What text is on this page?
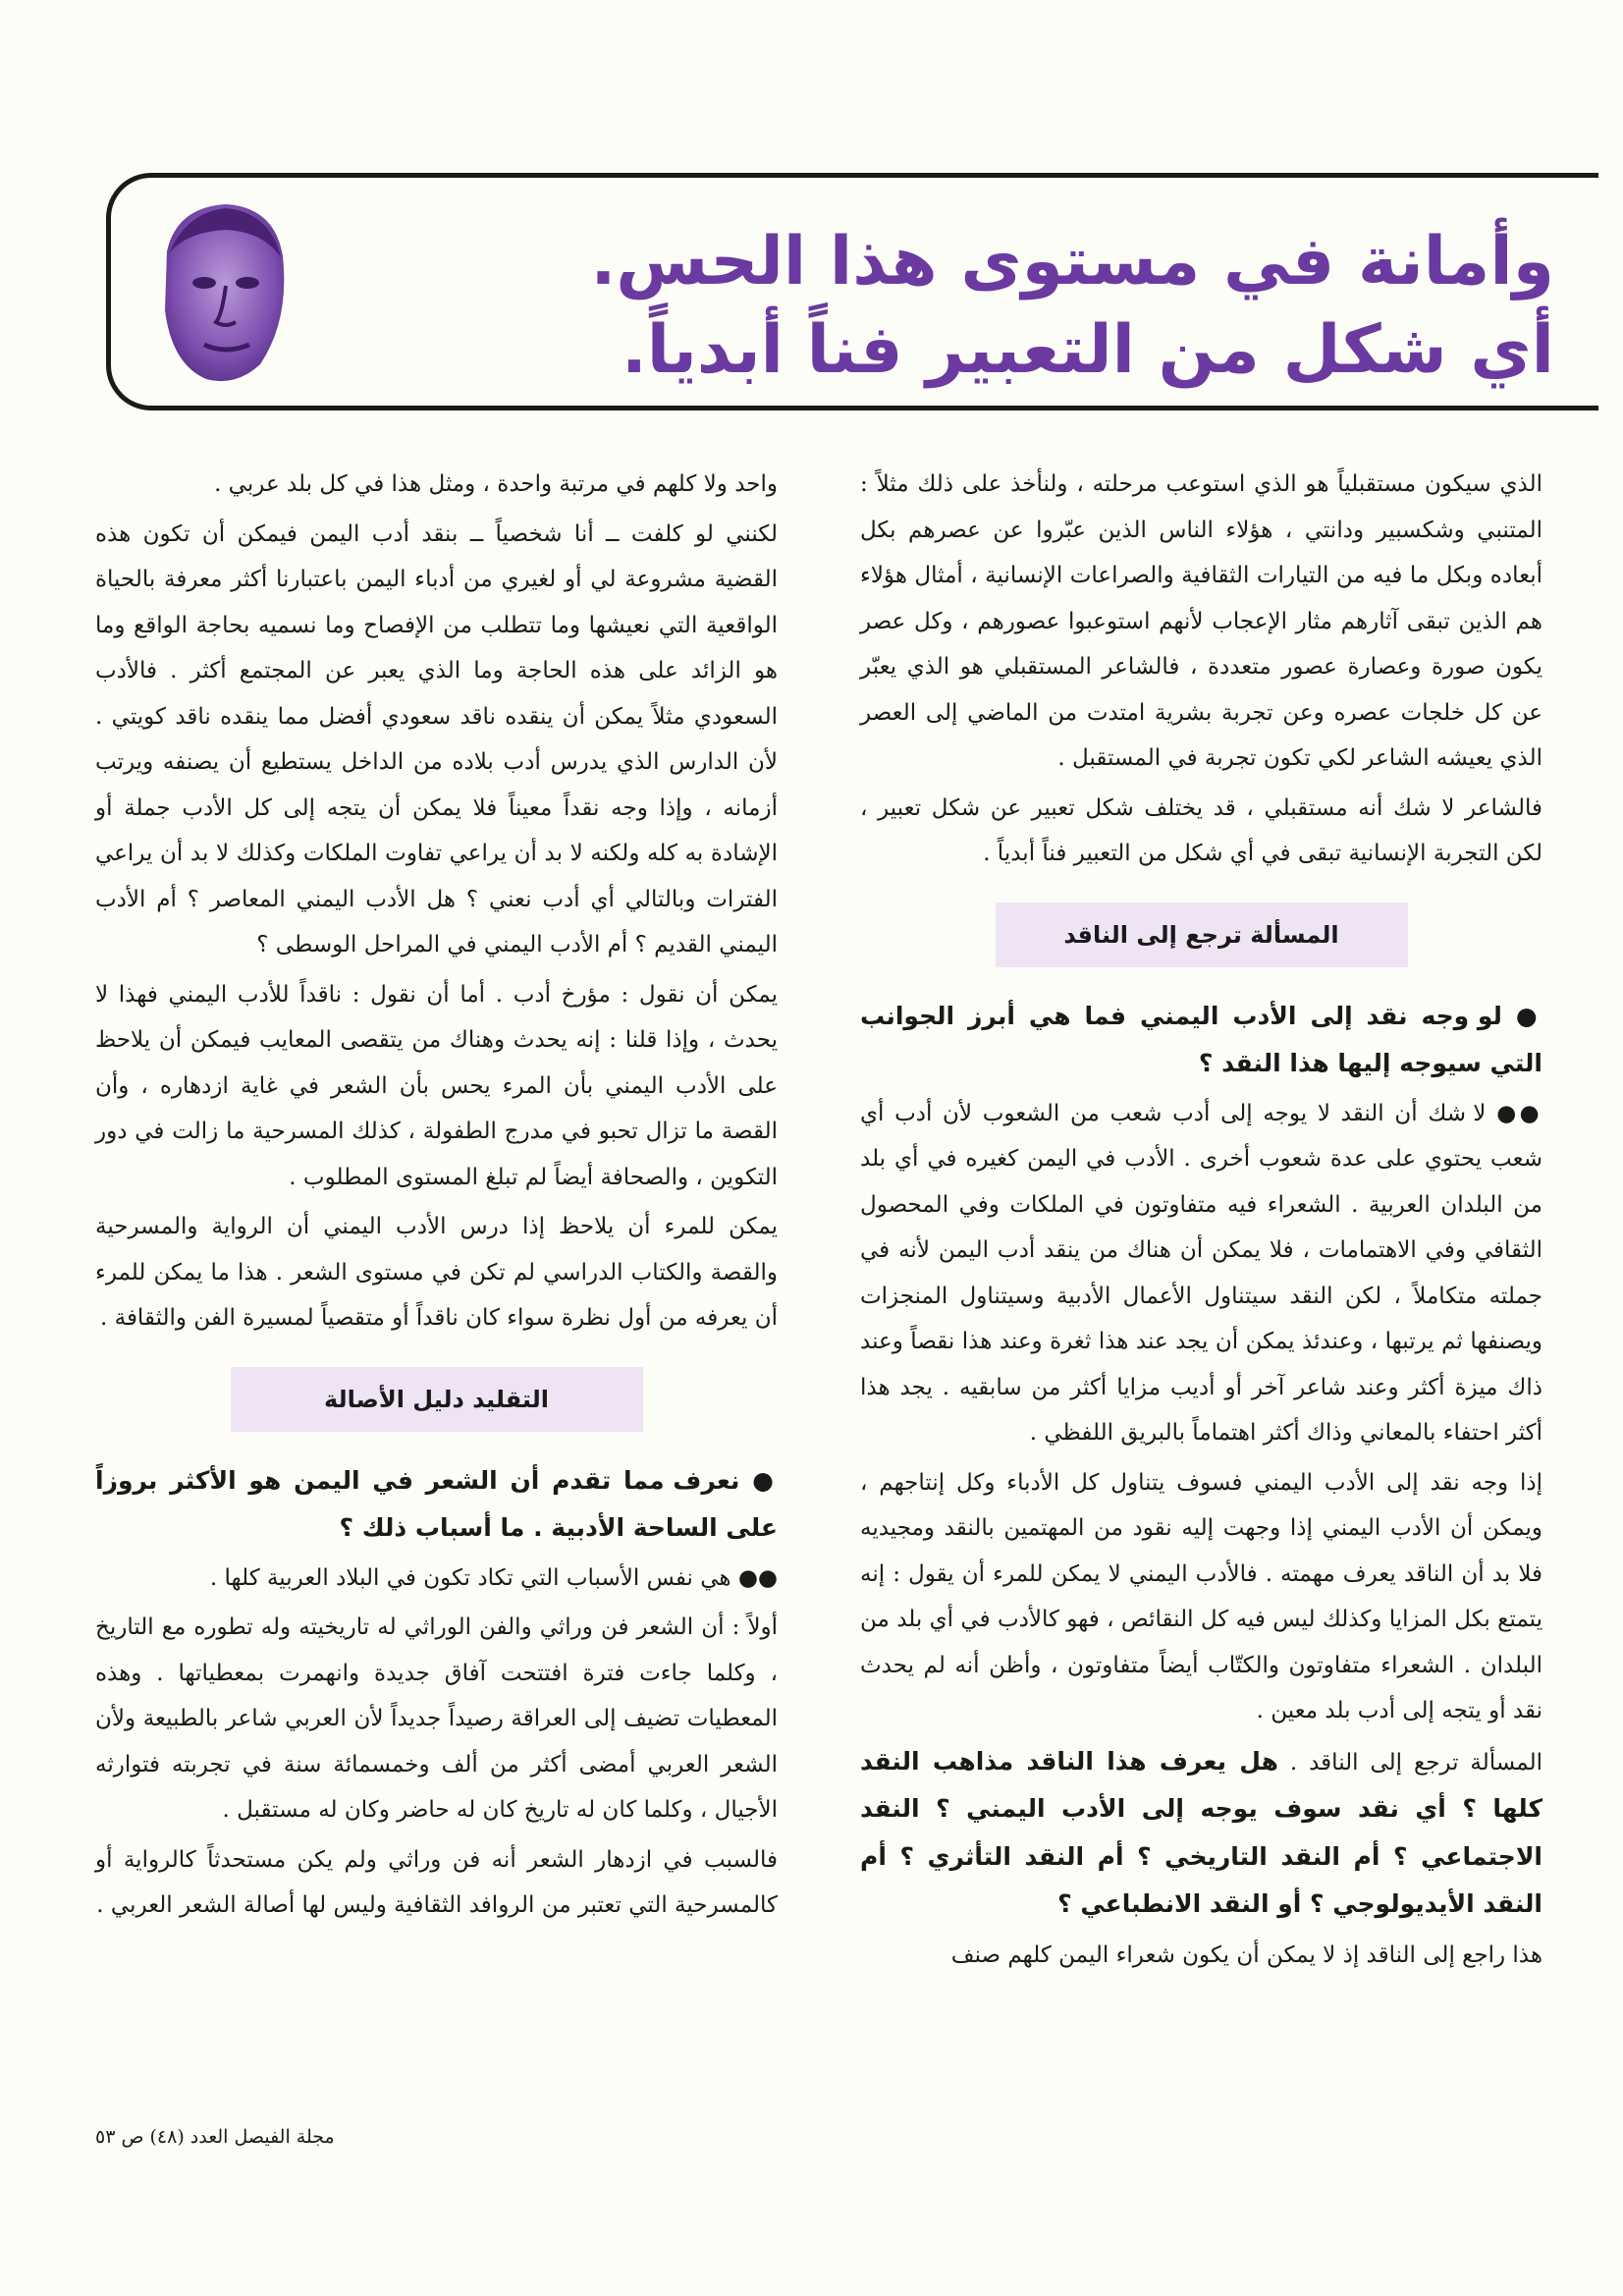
وأمانة في مستوى هذا الحس.
أي شكل من التعبير فناً أبدياً.

الذي سيكون مستقبلياً هو الذي استوعب مرحلته ، ولنأخذ على ذلك مثلاً : المتنبي وشكسبير ودانتي ، هؤلاء الناس الذين عبّروا عن عصرهم بكل أبعاده وبكل ما فيه من التيارات الثقافية والصراعات الإنسانية ، أمثال هؤلاء هم الذين تبقى آثارهم مثار الإعجاب لأنهم استوعبوا عصورهم ، وكل عصر يكون صورة وعصارة عصور متعددة ، فالشاعر المستقبلي هو الذي يعبّر عن كل خلجات عصره وعن تجربة بشرية امتدت من الماضي إلى العصر الذي يعيشه الشاعر لكي تكون تجربة في المستقبل .

فالشاعر لا شك أنه مستقبلي ، قد يختلف شكل تعبير عن شكل تعبير ، لكن التجربة الإنسانية تبقى في أي شكل من التعبير فناً أبدياً .

المسألة ترجع إلى الناقد

● لو وجه نقد إلى الأدب اليمني فما هي أبرز الجوانب التي سيوجه إليها هذا النقد ؟

●● لا شك أن النقد لا يوجه إلى أدب شعب من الشعوب لأن أدب أي شعب يحتوي على عدة شعوب أخرى . الأدب في اليمن كغيره في أي بلد من البلدان العربية . الشعراء فيه متفاوتون في الملكات وفي المحصول الثقافي وفي الاهتمامات ، فلا يمكن أن هناك من ينقد أدب اليمن لأنه في جملته متكاملاً ، لكن النقد سيتناول الأعمال الأدبية وسيتناول المنجزات ويصنفها ثم يرتبها ، وعندئذ يمكن أن يجد عند هذا ثغرة وعند هذا نقصاً وعند ذاك ميزة أكثر وعند شاعر آخر أو أديب مزايا أكثر من سابقيه . يجد هذا أكثر احتفاء بالمعاني وذاك أكثر اهتماماً بالبريق اللفظي .

إذا وجه نقد إلى الأدب اليمني فسوف يتناول كل الأدباء وكل إنتاجهم ، ويمكن أن الأدب اليمني إذا وجهت إليه نقود من المهتمين بالنقد ومجيديه فلا بد أن الناقد يعرف مهمته . فالأدب اليمني لا يمكن للمرء أن يقول : إنه يتمتع بكل المزايا وكذلك ليس فيه كل النقائص ، فهو كالأدب في أي بلد من البلدان . الشعراء متفاوتون والكتّاب أيضاً متفاوتون ، وأظن أنه لم يحدث نقد أو يتجه إلى أدب بلد معين .

المسألة ترجع إلى الناقد . هل يعرف هذا الناقد مذاهب النقد كلها ؟ أي نقد سوف يوجه إلى الأدب اليمني ؟ النقد الاجتماعي ؟ أم النقد التاريخي ؟ أم النقد التأثري ؟ أم النقد الأيديولوجي ؟ أو النقد الانطباعي ؟

هذا راجع إلى الناقد إذ لا يمكن أن يكون شعراء اليمن كلهم صنف

واحد ولا كلهم في مرتبة واحدة ، ومثل هذا في كل بلد عربي .

لكنني لو كلفت ــ أنا شخصياً ــ بنقد أدب اليمن فيمكن أن تكون هذه القضية مشروعة لي أو لغيري من أدباء اليمن باعتبارنا أكثر معرفة بالحياة الواقعية التي نعيشها وما تتطلب من الإفصاح وما نسميه بحاجة الواقع وما هو الزائد على هذه الحاجة وما الذي يعبر عن المجتمع أكثر . فالأدب السعودي مثلاً يمكن أن ينقده ناقد سعودي أفضل مما ينقده ناقد كويتي . لأن الدارس الذي يدرس أدب بلاده من الداخل يستطيع أن يصنفه ويرتب أزمانه ، وإذا وجه نقداً معيناً فلا يمكن أن يتجه إلى كل الأدب جملة أو الإشادة به كله ولكنه لا بد أن يراعي تفاوت الملكات وكذلك لا بد أن يراعي الفترات وبالتالي أي أدب نعني ؟ هل الأدب اليمني المعاصر ؟ أم الأدب اليمني القديم ؟ أم الأدب اليمني في المراحل الوسطى ؟

يمكن أن نقول : مؤرخ أدب . أما أن نقول : ناقداً للأدب اليمني فهذا لا يحدث ، وإذا قلنا : إنه يحدث وهناك من يتقصى المعايب فيمكن أن يلاحظ على الأدب اليمني بأن المرء يحس بأن الشعر في غاية ازدهاره ، وأن القصة ما تزال تحبو في مدرج الطفولة ، كذلك المسرحية ما زالت في دور التكوين ، والصحافة أيضاً لم تبلغ المستوى المطلوب .

يمكن للمرء أن يلاحظ إذا درس الأدب اليمني أن الرواية والمسرحية والقصة والكتاب الدراسي لم تكن في مستوى الشعر . هذا ما يمكن للمرء أن يعرفه من أول نظرة سواء كان ناقداً أو متقصياً لمسيرة الفن والثقافة .

التقليد دليل الأصالة

● نعرف مما تقدم أن الشعر في اليمن هو الأكثر بروزاً على الساحة الأدبية . ما أسباب ذلك ؟

●● هي نفس الأسباب التي تكاد تكون في البلاد العربية كلها .

أولاً : أن الشعر فن وراثي والفن الوراثي له تاريخيته وله تطوره مع التاريخ ، وكلما جاءت فترة افتتحت آفاق جديدة وانهمرت بمعطياتها . وهذه المعطيات تضيف إلى العراقة رصيداً جديداً لأن العربي شاعر بالطبيعة ولأن الشعر العربي أمضى أكثر من ألف وخمسمائة سنة في تجربته فتوارثه الأجيال ، وكلما كان له تاريخ كان له حاضر وكان له مستقبل .

فالسبب في ازدهار الشعر أنه فن وراثي ولم يكن مستحدثاً كالرواية أو كالمسرحية التي تعتبر من الروافد الثقافية وليس لها أصالة الشعر العربي .

مجلة الفيصل العدد (٤٨) ص ٥٣
